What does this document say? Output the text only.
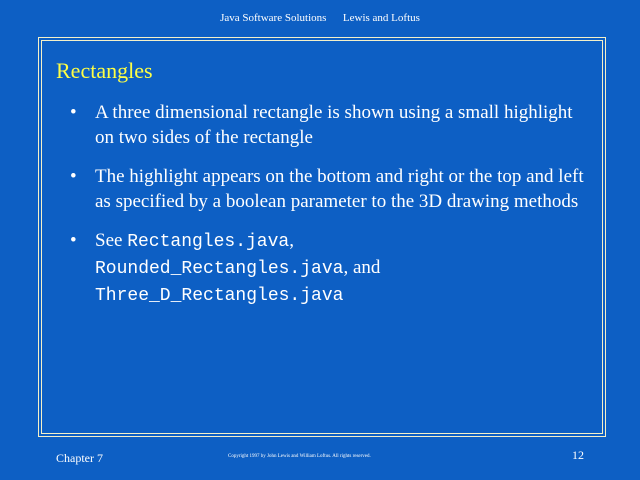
Java Software Solutions Lewis and Loftus
Rectangles
• A three dimensional rectangle is shown using a small highlight on two sides of the rectangle
• The highlight appears on the bottom and right or the top and left as specified by a boolean parameter to the 3D drawing methods
• See Rectangles.java,
Rounded_Rectangles.java, and
Three_D_Rectangles.java
Chapter 7	Copyright 1997 by John Lewis and William Loftus. All rights reserved.	12
